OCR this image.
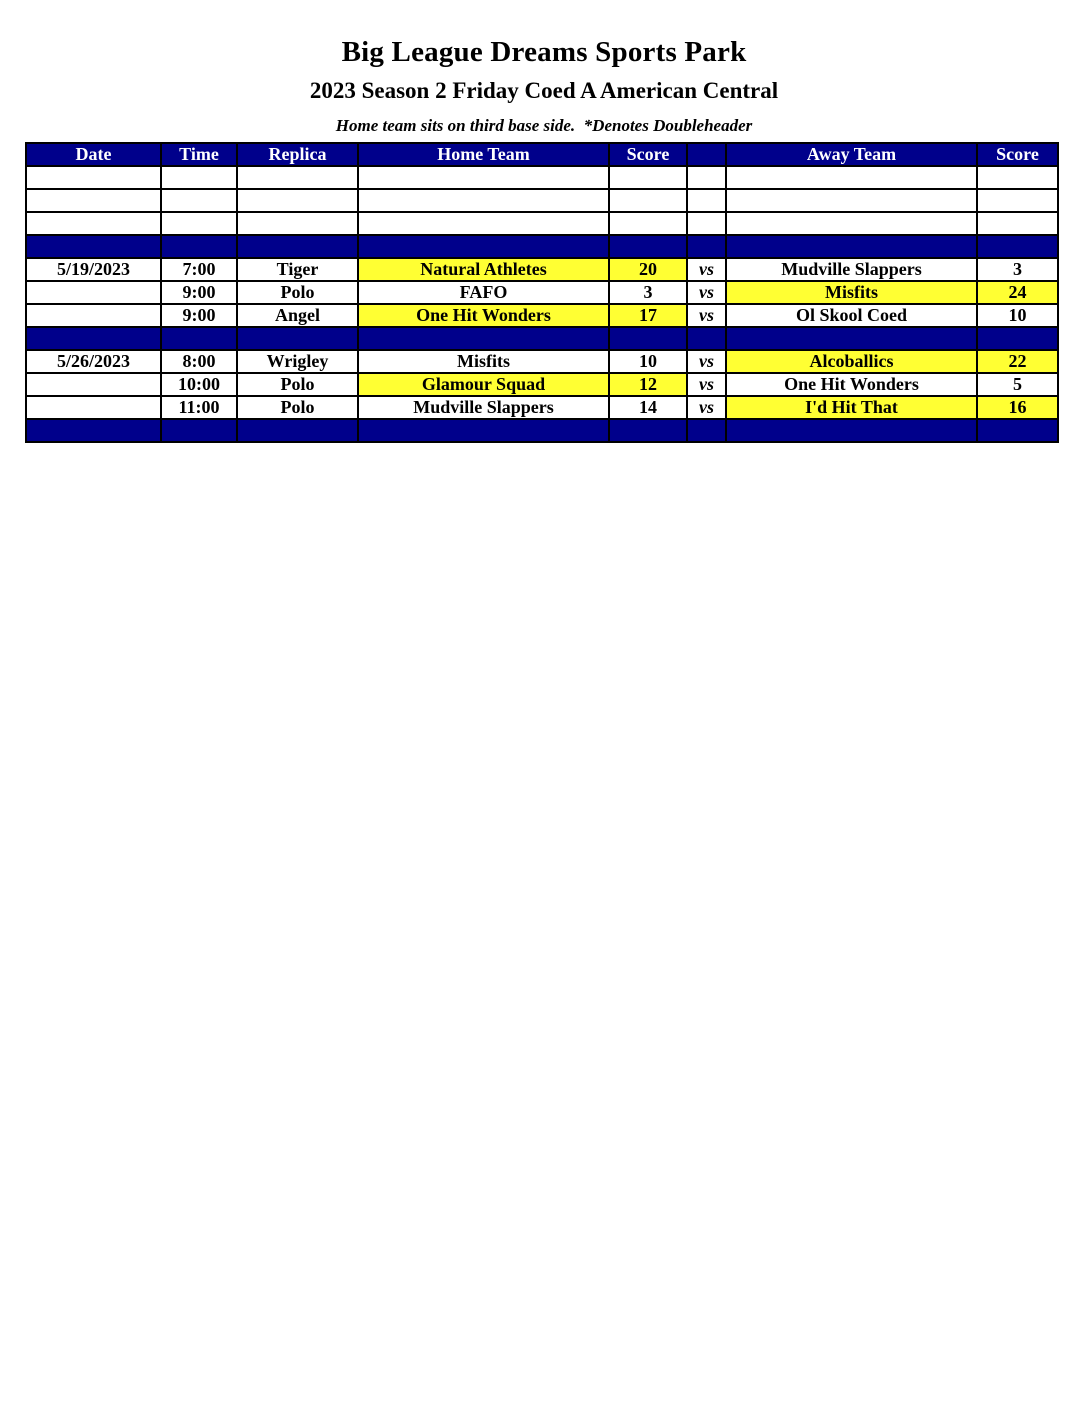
Big League Dreams Sports Park
2023 Season 2 Friday Coed A American Central
Home team sits on third base side.  *Denotes Doubleheader
Date	Time	Replica	Home Team	Score		Away Team	Score

5/19/2023	7:00	Tiger	Natural Athletes	20	vs	Mudville Slappers	3
	9:00	Polo	FAFO	3	vs	Misfits	24
	9:00	Angel	One Hit Wonders	17	vs	Ol Skool Coed	10

5/26/2023	8:00	Wrigley	Misfits	10	vs	Alcoballics	22
	10:00	Polo	Glamour Squad	12	vs	One Hit Wonders	5
	11:00	Polo	Mudville Slappers	14	vs	I'd Hit That	16
